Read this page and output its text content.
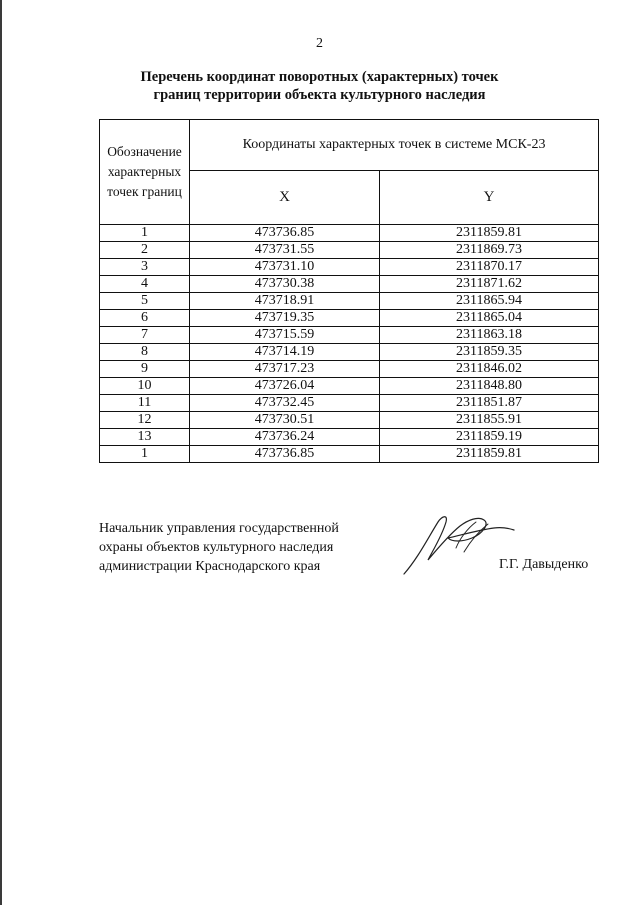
2
Перечень координат поворотных (характерных) точек
границ территории объекта культурного наследия
Обозначение
характерных
точек границ	Координаты характерных точек в системе МСК-23	
	X	Y
1	473736.85	2311859.81
2	473731.55	2311869.73
3	473731.10	2311870.17
4	473730.38	2311871.62
5	473718.91	2311865.94
6	473719.35	2311865.04
7	473715.59	2311863.18
8	473714.19	2311859.35
9	473717.23	2311846.02
10	473726.04	2311848.80
11	473732.45	2311851.87
12	473730.51	2311855.91
13	473736.24	2311859.19
1	473736.85	2311859.81
Начальник управления государственной
охраны объектов культурного наследия
администрации Краснодарского края	Г.Г. Давыденко
